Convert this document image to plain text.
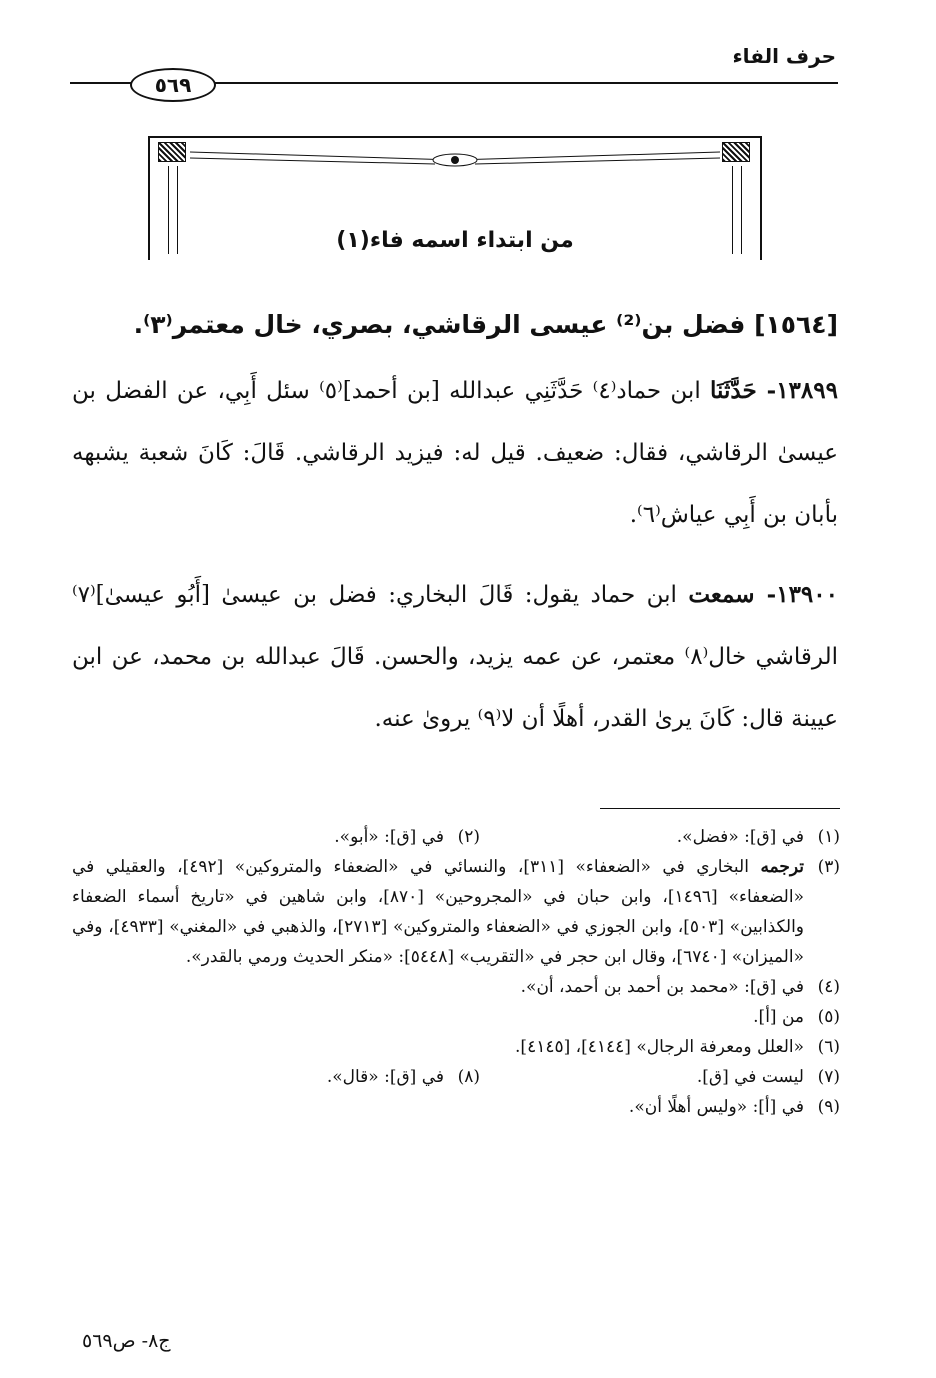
حرف الفاء
٥٦٩
من ابتداء اسمه فاء(١)
[١٥٦٤] فضل بن⁽²⁾ عيسى الرقاشي، بصري، خال معتمر⁽٣⁾.
١٣٨٩٩- حَدَّثَنَا ابن حماد⁽٤⁾ حَدَّثَنِي عبدالله [بن أحمد]⁽٥⁾ سئل أَبِي، عن الفضل بن عيسىٰ الرقاشي، فقال: ضعيف. قيل له: فيزيد الرقاشي. قَالَ: كَانَ شعبة يشبهه بأبان بن أَبِي عياش⁽٦⁾.
١٣٩٠٠- سمعت ابن حماد يقول: قَالَ البخاري: فضل بن عيسىٰ [أَبُو عيسىٰ]⁽٧⁾ الرقاشي خال⁽٨⁾ معتمر، عن عمه يزيد، والحسن. قَالَ عبدالله بن محمد، عن ابن عيينة قال: كَانَ يرىٰ القدر، أهلًا أن لا⁽٩⁾ يرویٰ عنه.
(١)
في [ق]: «فضل».
(٢)
في [ق]: «أبو».
(٣)
ترجمه البخاري في «الضعفاء» [٣١١]، والنسائي في «الضعفاء والمتروكين» [٤٩٢]، والعقيلي في «الضعفاء» [١٤٩٦]، وابن حبان في «المجروحين» [٨٧٠]، وابن شاهين في «تاريخ أسماء الضعفاء والكذابين» [٥٠٣]، وابن الجوزي في «الضعفاء والمتروكين» [٢٧١٣]، والذهبي في «المغني» [٤٩٣٣]، وفي «الميزان» [٦٧٤٠]، وقال ابن حجر في «التقريب» [٥٤٤٨]: «منكر الحديث ورمي بالقدر».
(٤)
في [ق]: «محمد بن أحمد بن أحمد، أن».
(٥)
من [أ].
(٦)
«العلل ومعرفة الرجال» [٤١٤٤]، [٤١٤٥].
(٧)
ليست في [ق].
(٨)
في [ق]: «قال».
(٩)
في [أ]: «وليس أهلًا أن».
ج٨- ص٥٦٩
